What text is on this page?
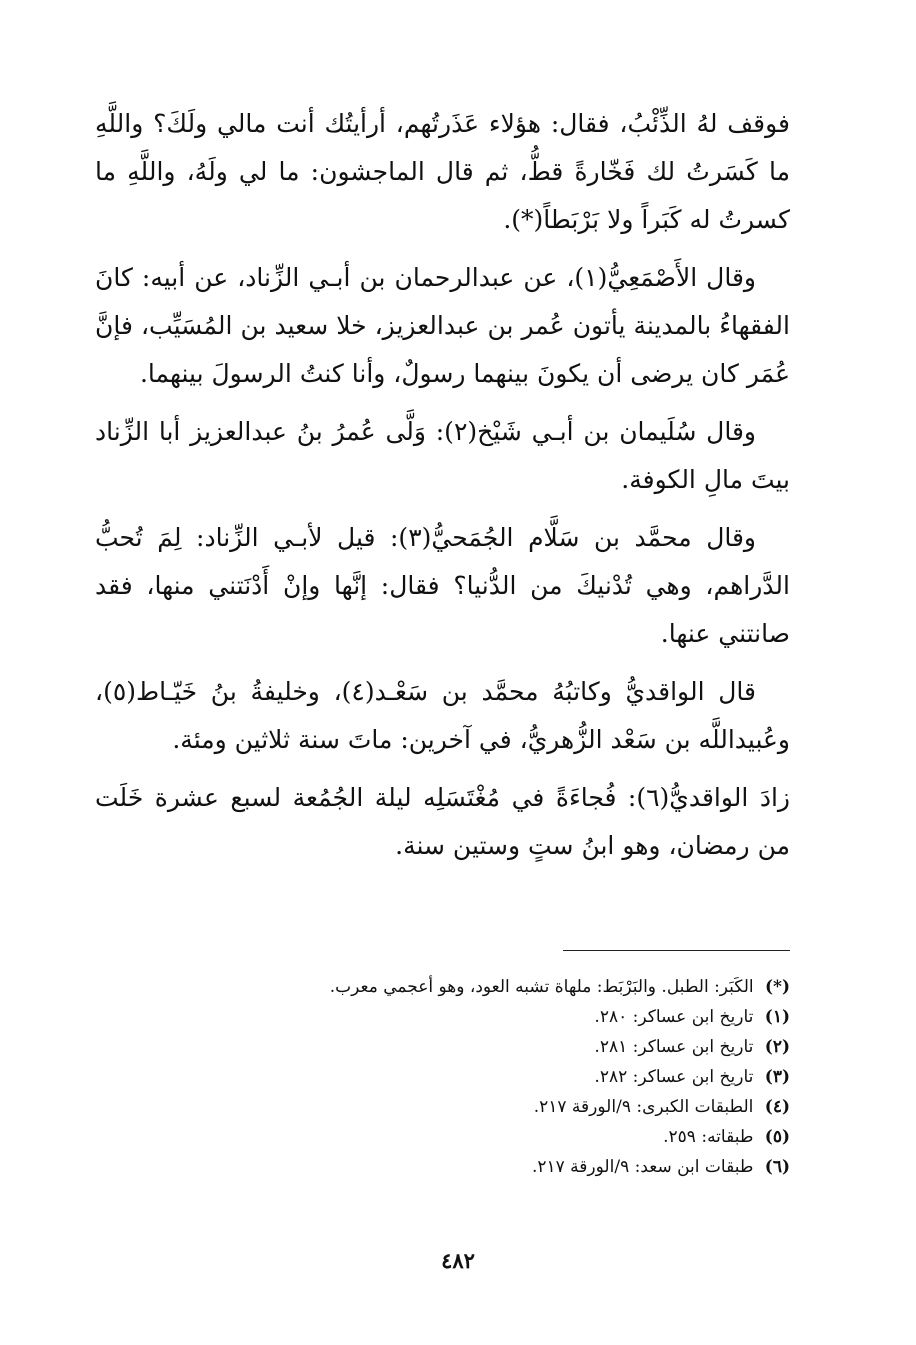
فوقف لهُ الذِّئْبُ، فقال: هؤلاء عَذَرتُهم، أرأيتُك أنت مالي ولَكَ؟ واللَّهِ ما كَسَرتُ لك فَخّارةً قطُّ، ثم قال الماجشون: ما لي ولَهُ، واللَّهِ ما كسرتُ له كَبَراً ولا بَرْبَطاً(*).

وقال الأَصْمَعِيُّ(١)، عن عبدالرحمان بن أبـي الزِّناد، عن أبيه: كانَ الفقهاءُ بالمدينة يأتون عُمر بن عبدالعزيز، خلا سعيد بن المُسَيِّب، فإنَّ عُمَر كان يرضى أن يكونَ بينهما رسولٌ، وأنا كنتُ الرسولَ بينهما.

وقال سُلَيمان بن أبـي شَيْخ(٢): وَلَّى عُمرُ بنُ عبدالعزيز أبا الزِّناد بيتَ مالِ الكوفة.

وقال محمَّد بن سَلَّام الجُمَحيُّ(٣): قيل لأبـي الزِّناد: لِمَ تُحبُّ الدَّراهم، وهي تُدْنيكَ من الدُّنيا؟ فقال: إنَّها وإنْ أَدْنَتني منها، فقد صانتني عنها.

قال الواقديُّ وكاتبُهُ محمَّد بن سَعْـد(٤)، وخليفةُ بنُ خَيّـاط(٥)، وعُبيداللَّه بن سَعْد الزُّهريُّ، في آخرين: ماتَ سنة ثلاثين ومئة.

زادَ الواقديُّ(٦): فُجاءَةً في مُغْتَسَلِه ليلة الجُمُعة لسبع عشرة خَلَت من رمضان، وهو ابنُ ستٍ وستين سنة.

(*) الكَبَر: الطبل. والبَرْبَط: ملهاة تشبه العود، وهو أعجمي معرب.

(١) تاريخ ابن عساكر: ٢٨٠.

(٢) تاريخ ابن عساكر: ٢٨١.

(٣) تاريخ ابن عساكر: ٢٨٢.

(٤) الطبقات الكبرى: ٩/الورقة ٢١٧.

(٥) طبقاته: ٢٥٩.

(٦) طبقات ابن سعد: ٩/الورقة ٢١٧.

٤٨٢
